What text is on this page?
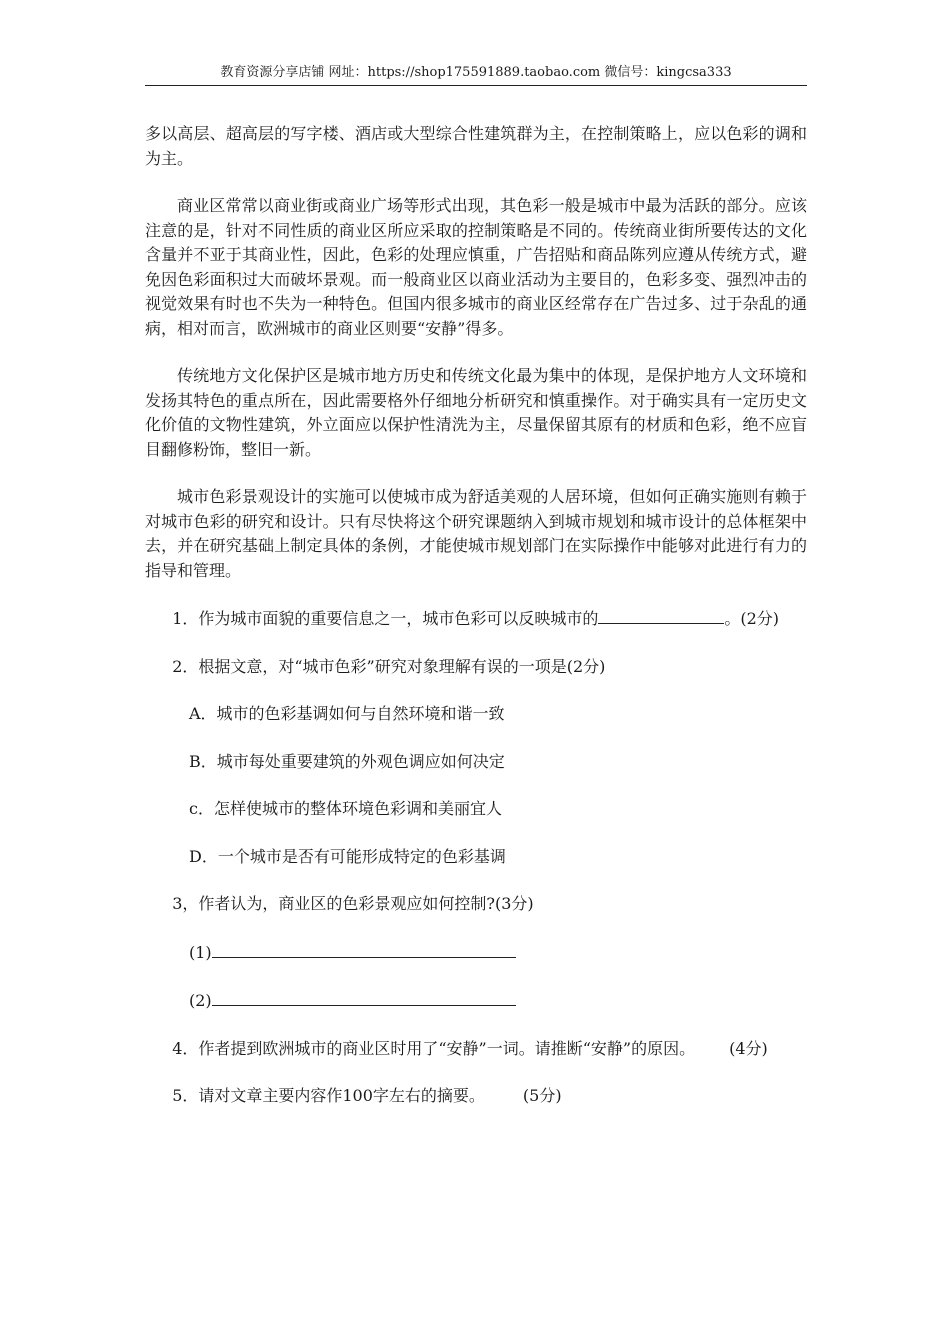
教育资源分享店铺 网址：https://shop175591889.taobao.com 微信号：kingcsa333

多以高层、超高层的写字楼、酒店或大型综合性建筑群为主，在控制策略上，应以色彩的调和为主。

商业区常常以商业街或商业广场等形式出现，其色彩一般是城市中最为活跃的部分。应该注意的是，针对不同性质的商业区所应采取的控制策略是不同的。传统商业街所要传达的文化含量并不亚于其商业性，因此，色彩的处理应慎重，广告招贴和商品陈列应遵从传统方式，避免因色彩面积过大而破坏景观。而一般商业区以商业活动为主要目的，色彩多变、强烈冲击的视觉效果有时也不失为一种特色。但国内很多城市的商业区经常存在广告过多、过于杂乱的通病，相对而言，欧洲城市的商业区则要“安静”得多。

传统地方文化保护区是城市地方历史和传统文化最为集中的体现，是保护地方人文环境和发扬其特色的重点所在，因此需要格外仔细地分析研究和慎重操作。对于确实具有一定历史文化价值的文物性建筑，外立面应以保护性清洗为主，尽量保留其原有的材质和色彩，绝不应盲目翻修粉饰，整旧一新。

城市色彩景观设计的实施可以使城市成为舒适美观的人居环境，但如何正确实施则有赖于对城市色彩的研究和设计。只有尽快将这个研究课题纳入到城市规划和城市设计的总体框架中去，并在研究基础上制定具体的条例，才能使城市规划部门在实际操作中能够对此进行有力的指导和管理。

1．作为城市面貌的重要信息之一，城市色彩可以反映城市的	。(2分)

2．根据文意，对“城市色彩”研究对象理解有误的一项是(2分)

A．城市的色彩基调如何与自然环境和谐一致

B．城市每处重要建筑的外观色调应如何决定

c．怎样使城市的整体环境色彩调和美丽宜人

D．一个城市是否有可能形成特定的色彩基调

3，作者认为，商业区的色彩景观应如何控制?(3分)

(1)

(2)

4．作者提到欧洲城市的商业区时用了“安静”一词。请推断“安静”的原因。 (4分)

5．请对文章主要内容作100字左右的摘要。 (5分)
